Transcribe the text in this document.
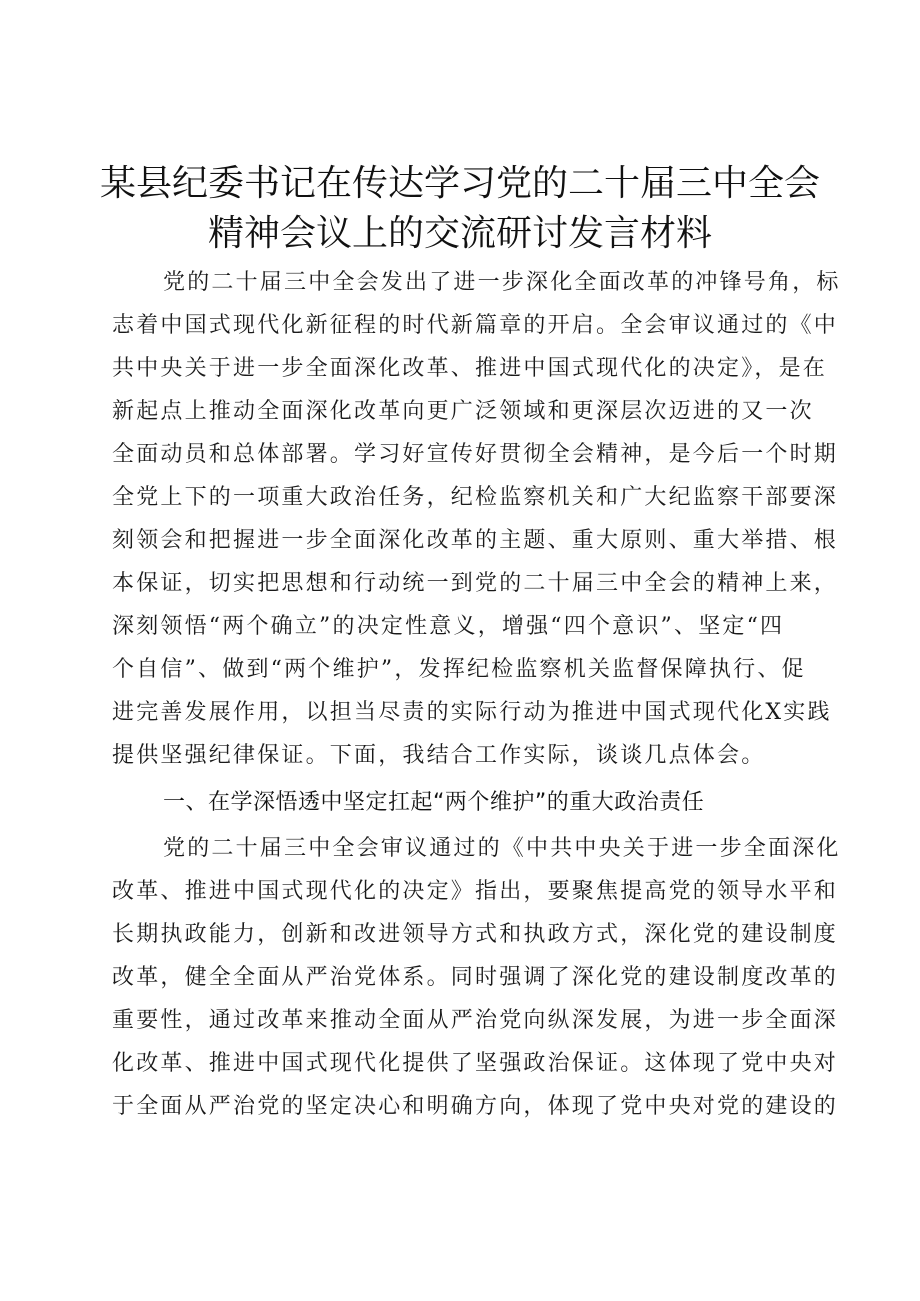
某县纪委书记在传达学习党的二十届三中全会
精神会议上的交流研讨发言材料
党的二十届三中全会发出了进一步深化全面改革的冲锋号角，标
志着中国式现代化新征程的时代新篇章的开启。全会审议通过的《中
共中央关于进一步全面深化改革、推进中国式现代化的决定》，是在
新起点上推动全面深化改革向更广泛领域和更深层次迈进的又一次
全面动员和总体部署。学习好宣传好贯彻全会精神，是今后一个时期
全党上下的一项重大政治任务，纪检监察机关和广大纪监察干部要深
刻领会和把握进一步全面深化改革的主题、重大原则、重大举措、根
本保证，切实把思想和行动统一到党的二十届三中全会的精神上来，
深刻领悟“两个确立”的决定性意义，增强“四个意识”、坚定“四
个自信”、做到“两个维护”，发挥纪检监察机关监督保障执行、促
进完善发展作用，以担当尽责的实际行动为推进中国式现代化X实践
提供坚强纪律保证。下面，我结合工作实际，谈谈几点体会。
一、在学深悟透中坚定扛起“两个维护”的重大政治责任
党的二十届三中全会审议通过的《中共中央关于进一步全面深化
改革、推进中国式现代化的决定》指出，要聚焦提高党的领导水平和
长期执政能力，创新和改进领导方式和执政方式，深化党的建设制度
改革，健全全面从严治党体系。同时强调了深化党的建设制度改革的
重要性，通过改革来推动全面从严治党向纵深发展，为进一步全面深
化改革、推进中国式现代化提供了坚强政治保证。这体现了党中央对
于全面从严治党的坚定决心和明确方向，体现了党中央对党的建设的
